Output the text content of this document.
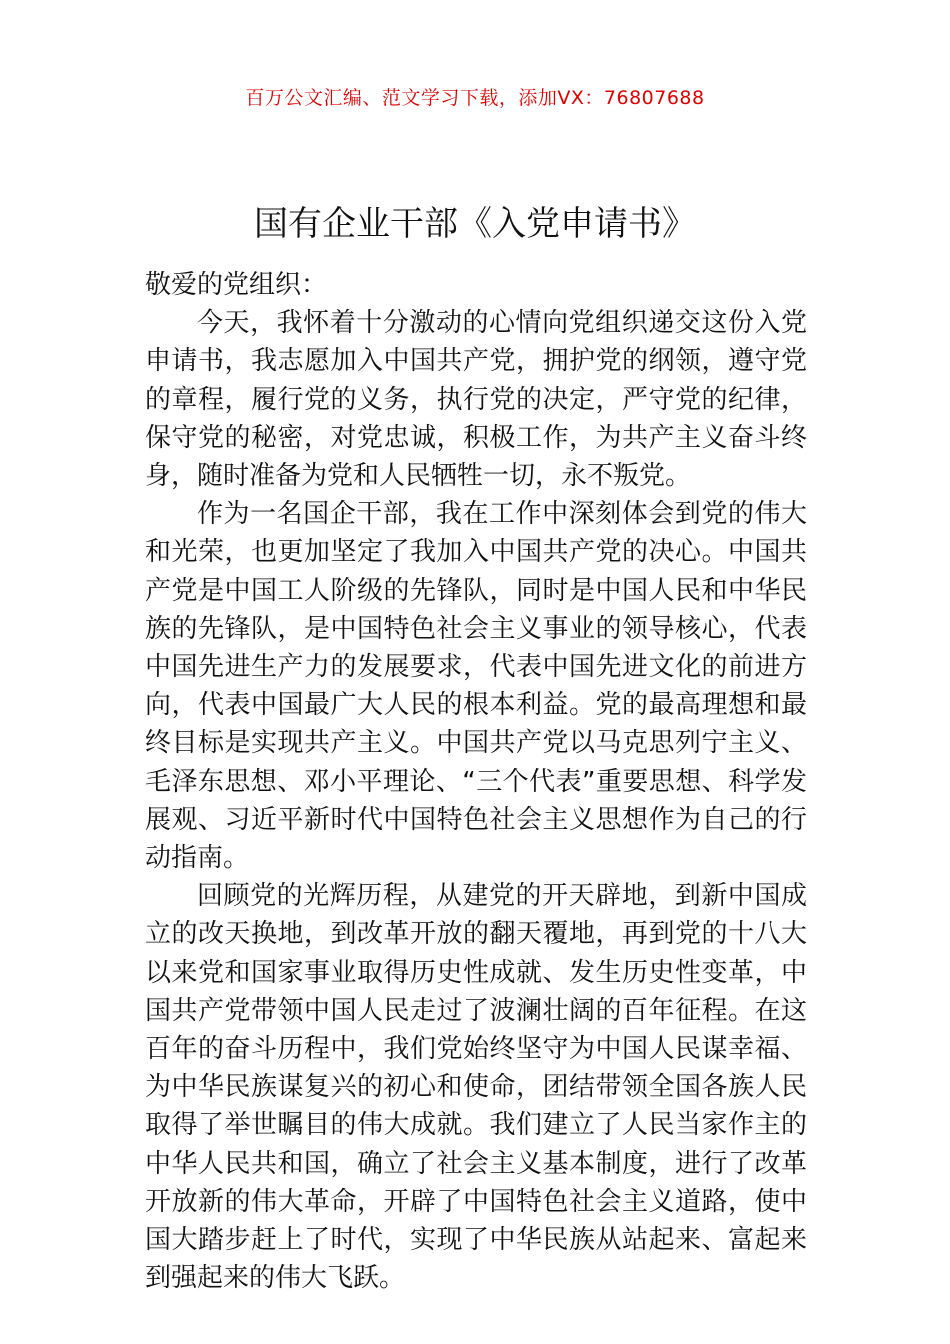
百万公文汇编、范文学习下载，添加VX：76807688
国有企业干部《入党申请书》

敬爱的党组织：

今天，我怀着十分激动的心情向党组织递交这份入党申请书，我志愿加入中国共产党，拥护党的纲领，遵守党的章程，履行党的义务，执行党的决定，严守党的纪律，保守党的秘密，对党忠诚，积极工作，为共产主义奋斗终身，随时准备为党和人民牺牲一切，永不叛党。

作为一名国企干部，我在工作中深刻体会到党的伟大和光荣，也更加坚定了我加入中国共产党的决心。中国共产党是中国工人阶级的先锋队，同时是中国人民和中华民族的先锋队，是中国特色社会主义事业的领导核心，代表中国先进生产力的发展要求，代表中国先进文化的前进方向，代表中国最广大人民的根本利益。党的最高理想和最终目标是实现共产主义。中国共产党以马克思列宁主义、毛泽东思想、邓小平理论、“三个代表”重要思想、科学发展观、习近平新时代中国特色社会主义思想作为自己的行动指南。

回顾党的光辉历程，从建党的开天辟地，到新中国成立的改天换地，到改革开放的翻天覆地，再到党的十八大以来党和国家事业取得历史性成就、发生历史性变革，中国共产党带领中国人民走过了波澜壮阔的百年征程。在这百年的奋斗历程中，我们党始终坚守为中国人民谋幸福、为中华民族谋复兴的初心和使命，团结带领全国各族人民取得了举世瞩目的伟大成就。我们建立了人民当家作主的中华人民共和国，确立了社会主义基本制度，进行了改革开放新的伟大革命，开辟了中国特色社会主义道路，使中国大踏步赶上了时代，实现了中华民族从站起来、富起来到强起来的伟大飞跃。
